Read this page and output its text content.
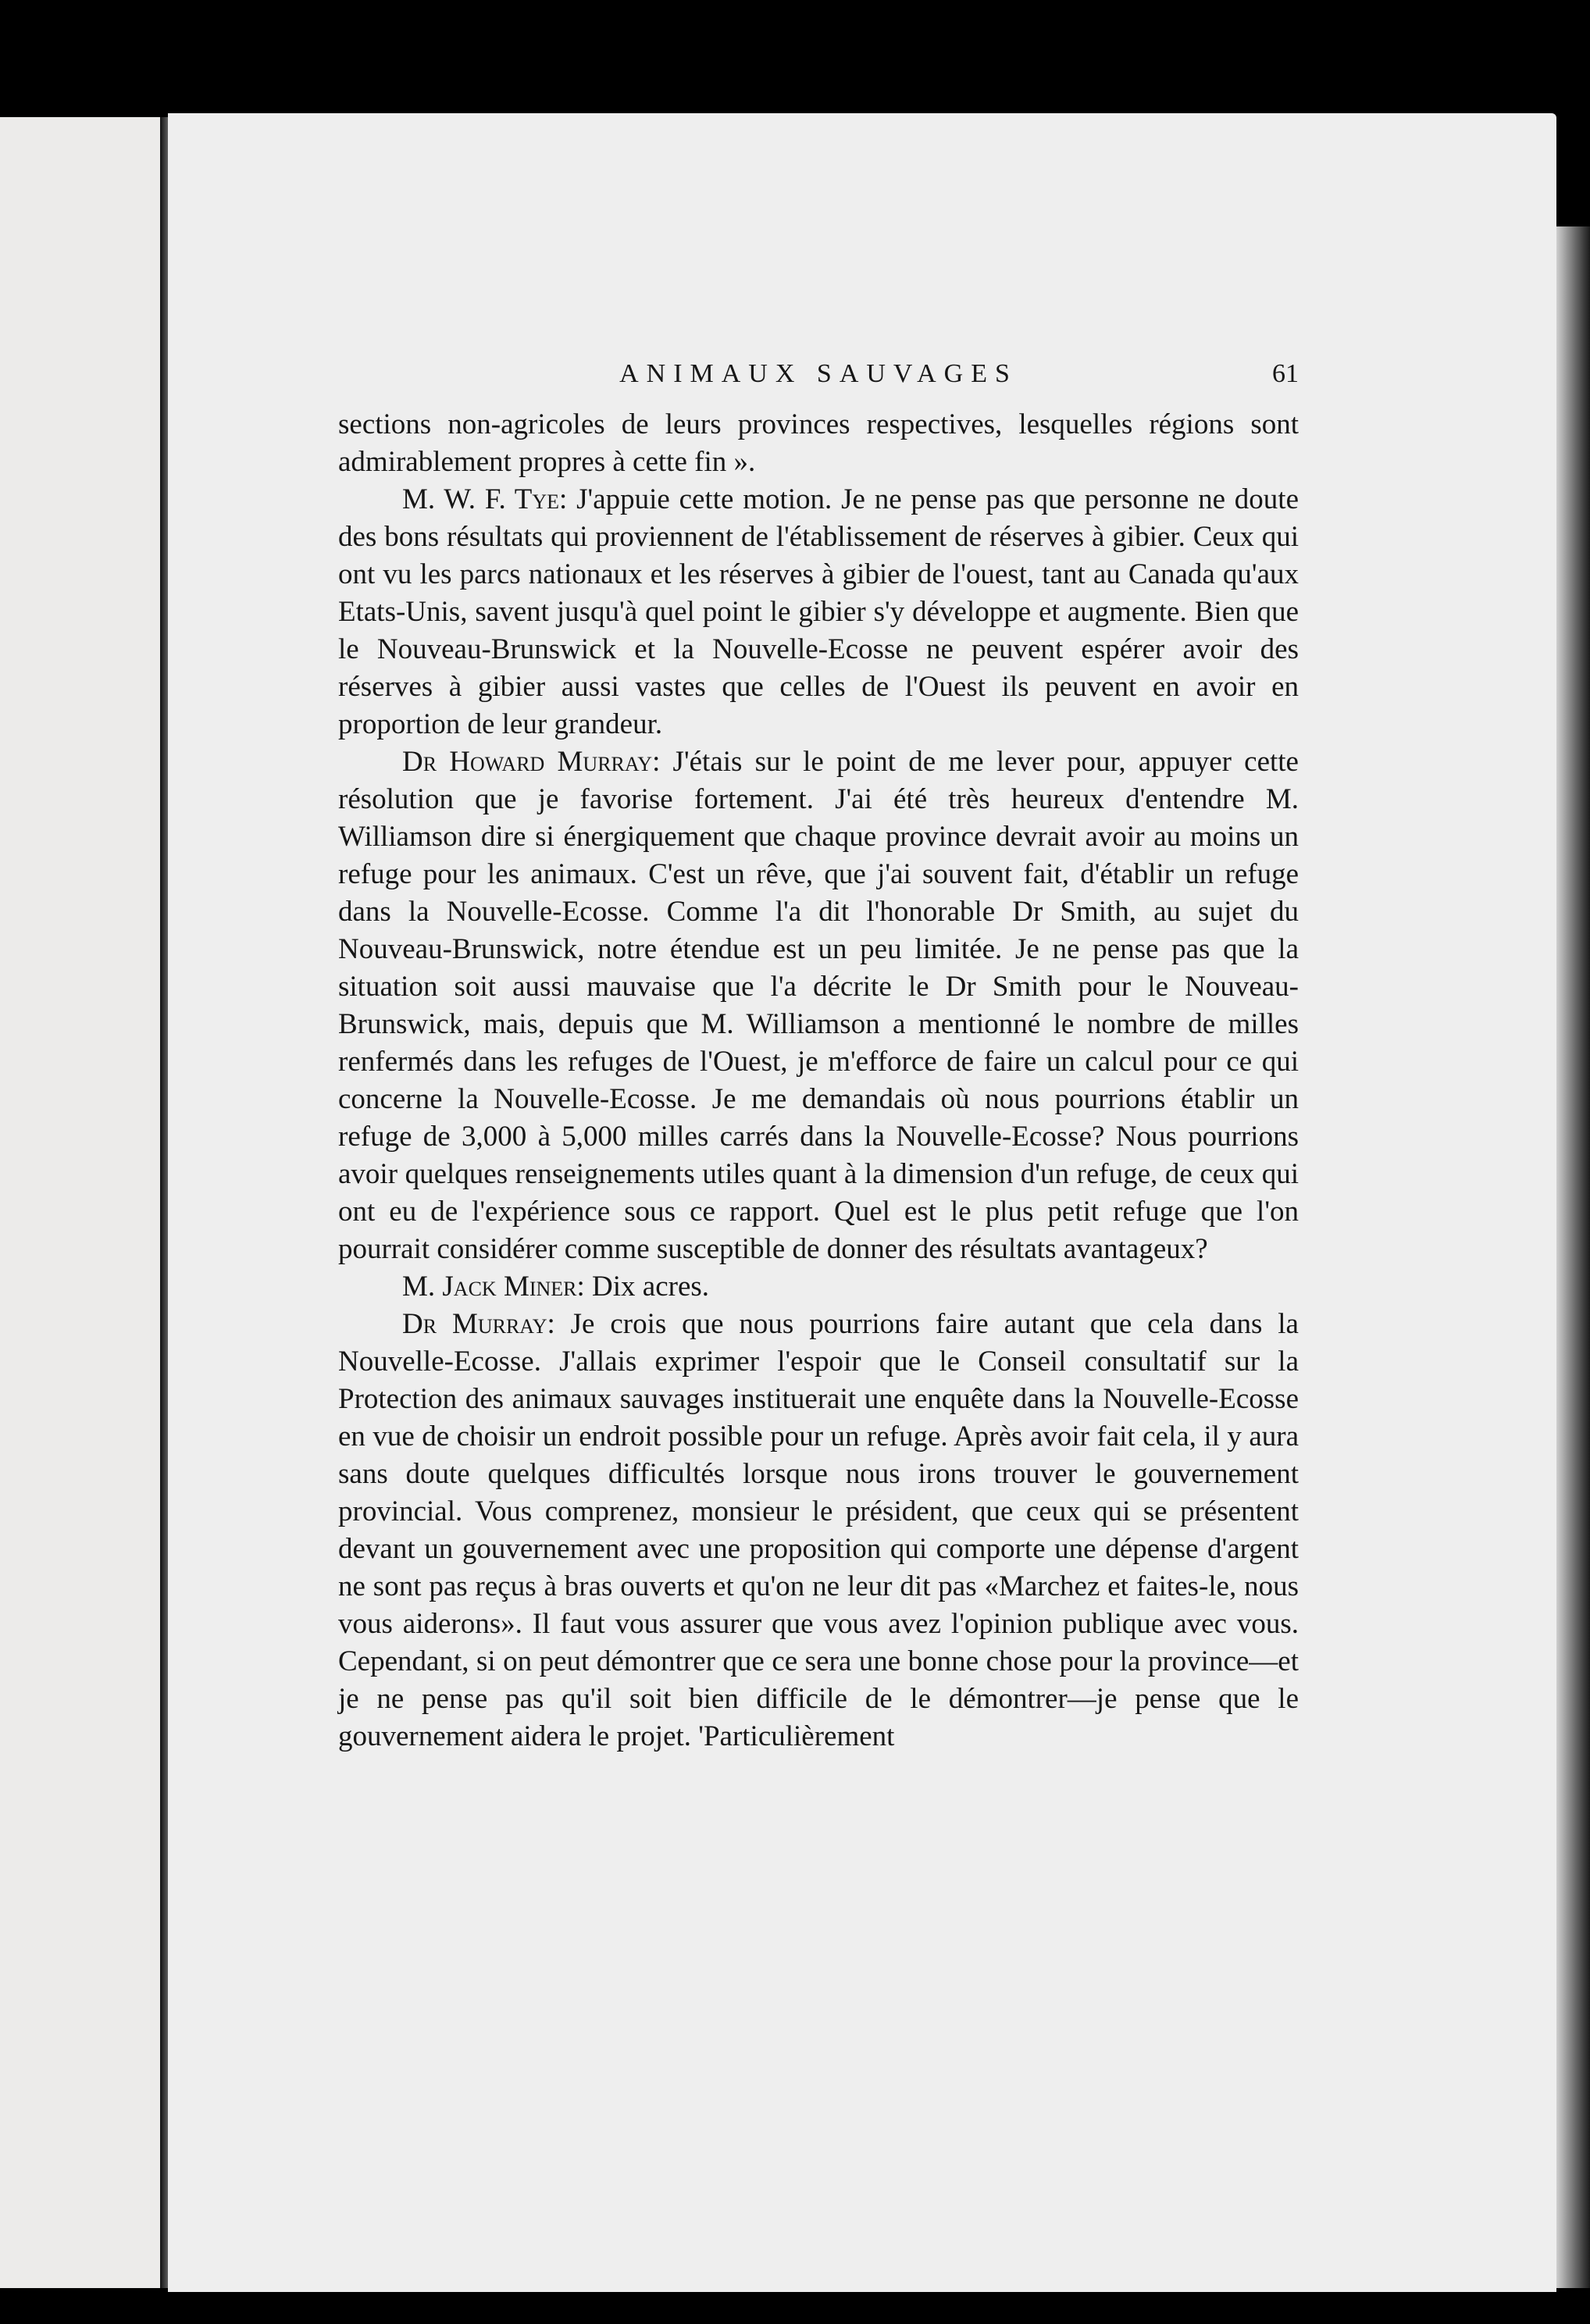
ANIMAUX SAUVAGES	61

sections non-agricoles de leurs provinces respectives, lesquelles régions sont admirablement propres à cette fin ».

M. W. F. Tye: J'appuie cette motion. Je ne pense pas que personne ne doute des bons résultats qui proviennent de l'établissement de réserves à gibier. Ceux qui ont vu les parcs nationaux et les réserves à gibier de l'ouest, tant au Canada qu'aux Etats-Unis, savent jusqu'à quel point le gibier s'y développe et augmente. Bien que le Nouveau-Brunswick et la Nouvelle-Ecosse ne peuvent espérer avoir des réserves à gibier aussi vastes que celles de l'Ouest ils peuvent en avoir en proportion de leur grandeur.

Dr Howard Murray: J'étais sur le point de me lever pour, appuyer cette résolution que je favorise fortement. J'ai été très heureux d'entendre M. Williamson dire si énergiquement que chaque province devrait avoir au moins un refuge pour les animaux. C'est un rêve, que j'ai souvent fait, d'établir un refuge dans la Nouvelle-Ecosse. Comme l'a dit l'honorable Dr Smith, au sujet du Nouveau-Brunswick, notre étendue est un peu limitée. Je ne pense pas que la situation soit aussi mauvaise que l'a décrite le Dr Smith pour le Nouveau-Brunswick, mais, depuis que M. Williamson a mentionné le nombre de milles renfermés dans les refuges de l'Ouest, je m'efforce de faire un calcul pour ce qui concerne la Nouvelle-Ecosse. Je me demandais où nous pourrions établir un refuge de 3,000 à 5,000 milles carrés dans la Nouvelle-Ecosse? Nous pourrions avoir quelques renseignements utiles quant à la dimension d'un refuge, de ceux qui ont eu de l'expérience sous ce rapport. Quel est le plus petit refuge que l'on pourrait considérer comme susceptible de donner des résultats avantageux?

M. Jack Miner: Dix acres.

Dr Murray: Je crois que nous pourrions faire autant que cela dans la Nouvelle-Ecosse. J'allais exprimer l'espoir que le Conseil consultatif sur la Protection des animaux sauvages instituerait une enquête dans la Nouvelle-Ecosse en vue de choisir un endroit possible pour un refuge. Après avoir fait cela, il y aura sans doute quelques difficultés lorsque nous irons trouver le gouvernement provincial. Vous comprenez, monsieur le président, que ceux qui se présentent devant un gouvernement avec une proposition qui comporte une dépense d'argent ne sont pas reçus à bras ouverts et qu'on ne leur dit pas «Marchez et faites-le, nous vous aiderons». Il faut vous assurer que vous avez l'opinion publique avec vous. Cependant, si on peut démontrer que ce sera une bonne chose pour la province—et je ne pense pas qu'il soit bien difficile de le démontrer—je pense que le gouvernement aidera le projet. 'Particulièrement
